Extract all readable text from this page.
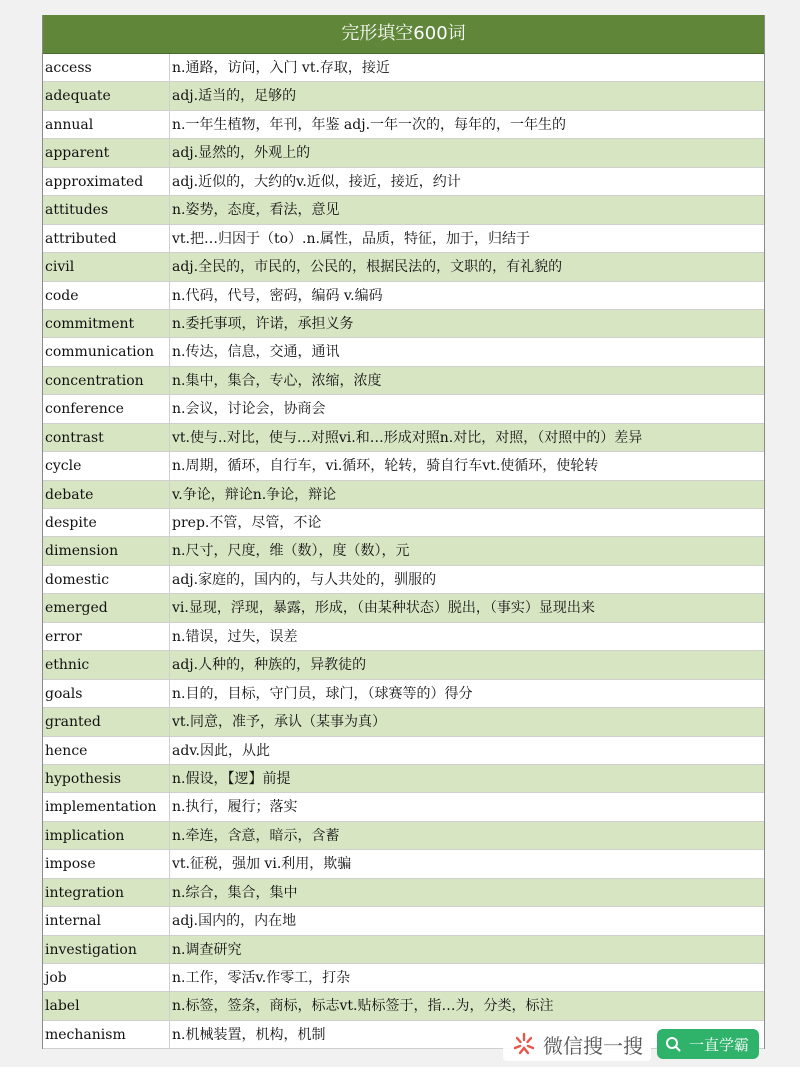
完形填空600词
access	n.通路，访问，入门 vt.存取，接近
adequate	adj.适当的，足够的
annual	n.一年生植物，年刊，年鉴 adj.一年一次的，每年的，一年生的
apparent	adj.显然的，外观上的
approximated	adj.近似的，大约的v.近似，接近，接近，约计
attitudes	n.姿势，态度，看法，意见
attributed	vt.把…归因于（to）.n.属性，品质，特征，加于，归结于
civil	adj.全民的，市民的，公民的，根据民法的，文职的，有礼貌的
code	n.代码，代号，密码，编码 v.编码
commitment	n.委托事项，许诺，承担义务
communication	n.传达，信息，交通，通讯
concentration	n.集中，集合，专心，浓缩，浓度
conference	n.会议，讨论会，协商会
contrast	vt.使与..对比，使与…对照vi.和…形成对照n.对比，对照，（对照中的）差异
cycle	n.周期，循环，自行车，vi.循环，轮转，骑自行车vt.使循环，使轮转
debate	v.争论，辩论n.争论，辩论
despite	prep.不管，尽管，不论
dimension	n.尺寸，尺度，维（数），度（数），元
domestic	adj.家庭的，国内的，与人共处的，驯服的
emerged	vi.显现，浮现，暴露，形成，（由某种状态）脱出，（事实）显现出来
error	n.错误，过失，误差
ethnic	adj.人种的，种族的，异教徒的
goals	n.目的，目标，守门员，球门，（球赛等的）得分
granted	vt.同意，准予，承认（某事为真）
hence	adv.因此，从此
hypothesis	n.假设，【逻】前提
implementation	n.执行，履行；落实
implication	n.牵连，含意，暗示，含蓄
impose	vt.征税，强加 vi.利用，欺骗
integration	n.综合，集合，集中
internal	adj.国内的，内在地
investigation	n.调查研究
job	n.工作，零活v.作零工，打杂
label	n.标签，签条，商标，标志vt.贴标签于，指…为，分类，标注
mechanism	n.机械装置，机构，机制	微信搜一搜	一直学霸
